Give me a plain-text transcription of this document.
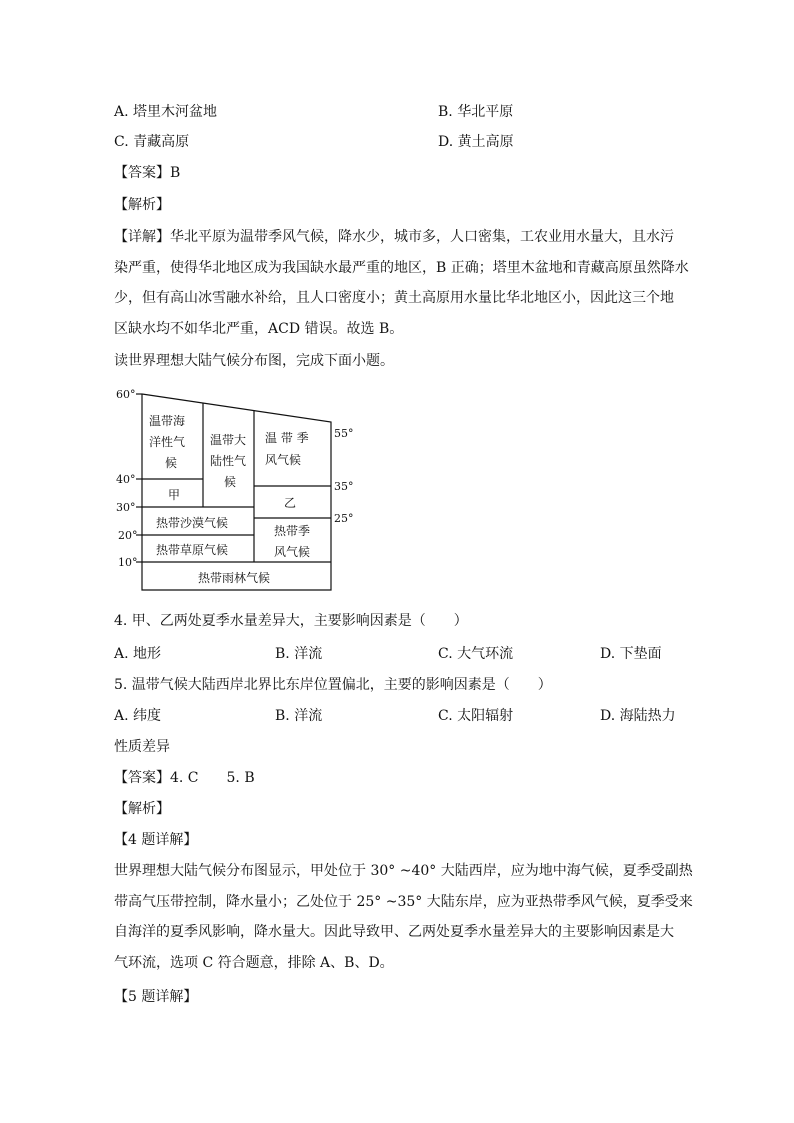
A. 塔里木河盆地	B. 华北平原
C. 青藏高原	D. 黄土高原
【答案】B
【解析】
【详解】华北平原为温带季风气候，降水少，城市多，人口密集，工农业用水量大，且水污
染严重，使得华北地区成为我国缺水最严重的地区，B 正确；塔里木盆地和青藏高原虽然降水
少，但有高山冰雪融水补给，且人口密度小；黄土高原用水量比华北地区小，因此这三个地
区缺水均不如华北严重，ACD 错误。故选 B。
读世界理想大陆气候分布图，完成下面小题。
60°
40°
30°
20°
10°
55°
35°
25°
温带海
洋性气
候
甲
温带大
陆性气
候
温 带 季
风气候
乙
热带沙漠气候
热带草原气候
热带季
风气候
热带雨林气候
4. 甲、乙两处夏季水量差异大，主要影响因素是（　　）
A. 地形	B. 洋流	C. 大气环流	D. 下垫面
5. 温带气候大陆西岸北界比东岸位置偏北，主要的影响因素是（　　）
A. 纬度	B. 洋流	C. 太阳辐射	D. 海陆热力
性质差异
【答案】4. C　　5. B
【解析】
【4 题详解】
世界理想大陆气候分布图显示，甲处位于 30° ~40° 大陆西岸，应为地中海气候，夏季受副热
带高气压带控制，降水量小；乙处位于 25° ~35° 大陆东岸，应为亚热带季风气候，夏季受来
自海洋的夏季风影响，降水量大。因此导致甲、乙两处夏季水量差异大的主要影响因素是大
气环流，选项 C 符合题意，排除 A、B、D。
【5 题详解】
